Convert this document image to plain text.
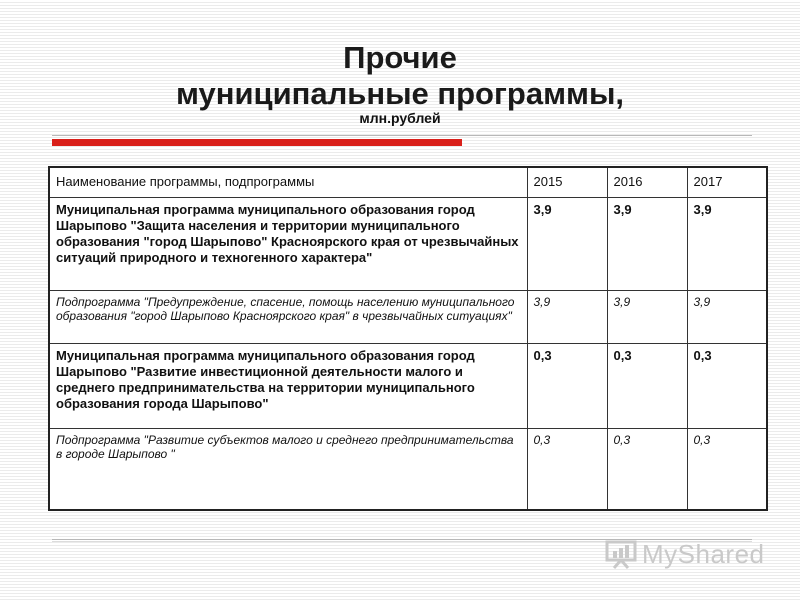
Прочие
муниципальные программы,
млн.рублей
Наименование программы, подпрограммы	2015	2016	2017
Муниципальная программа муниципального образования город Шарыпово "Защита населения и территории муниципального образования "город Шарыпово" Красноярского края от чрезвычайных ситуаций природного и техногенного характера"	3,9	3,9	3,9
Подпрограмма "Предупреждение, спасение, помощь населению муниципального образования "город Шарыпово Красноярского края" в чрезвычайных ситуациях"	3,9	3,9	3,9
Муниципальная программа муниципального образования город Шарыпово "Развитие инвестиционной деятельности малого и среднего предпринимательства на территории муниципального образования города Шарыпово"	0,3	0,3	0,3
Подпрограмма "Развитие субъектов малого и среднего предпринимательства в городе Шарыпово "	0,3	0,3	0,3
MyShared
